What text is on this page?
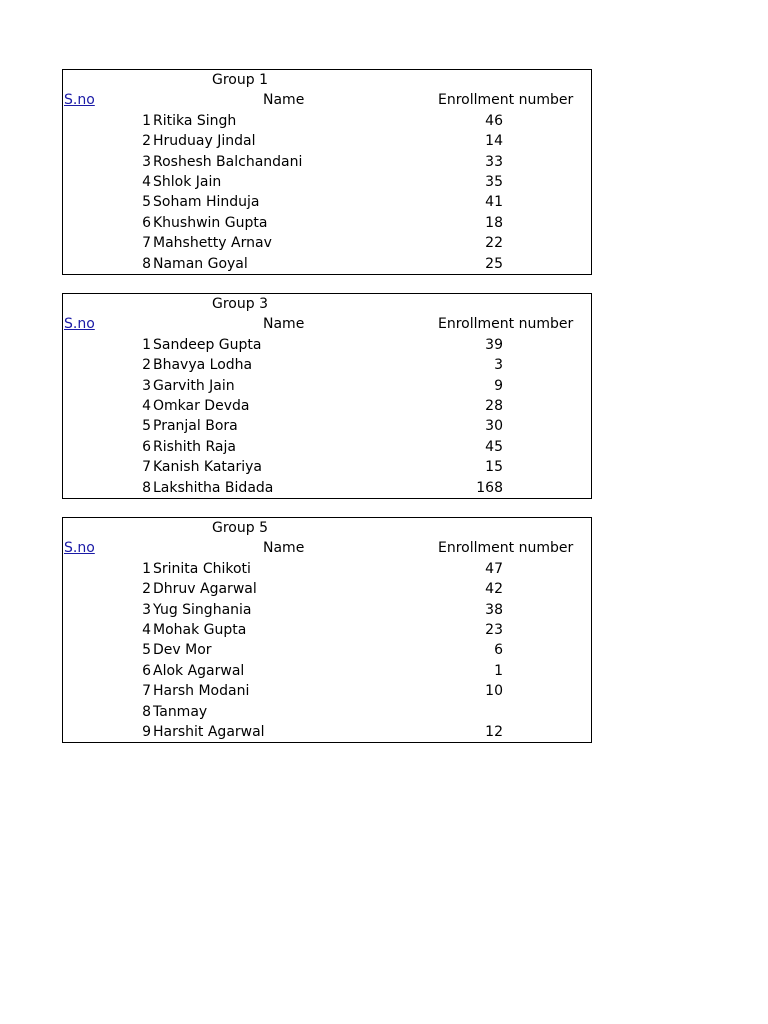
Group 1
S.no	Name	Enrollment number
1 Ritika Singh	46
2 Hruduay Jindal	14
3 Roshesh Balchandani	33
4 Shlok Jain	35
5 Soham Hinduja	41
6 Khushwin Gupta	18
7 Mahshetty Arnav	22
8 Naman Goyal	25
Group 3
S.no	Name	Enrollment number
1 Sandeep Gupta	39
2 Bhavya Lodha	3
3 Garvith Jain	9
4 Omkar Devda	28
5 Pranjal Bora	30
6 Rishith Raja	45
7 Kanish Katariya	15
8 Lakshitha Bidada	168
Group 5
S.no	Name	Enrollment number
1 Srinita Chikoti	47
2 Dhruv Agarwal	42
3 Yug Singhania	38
4 Mohak Gupta	23
5 Dev Mor	6
6 Alok Agarwal	1
7 Harsh Modani	10
8 Tanmay
9 Harshit Agarwal	12
